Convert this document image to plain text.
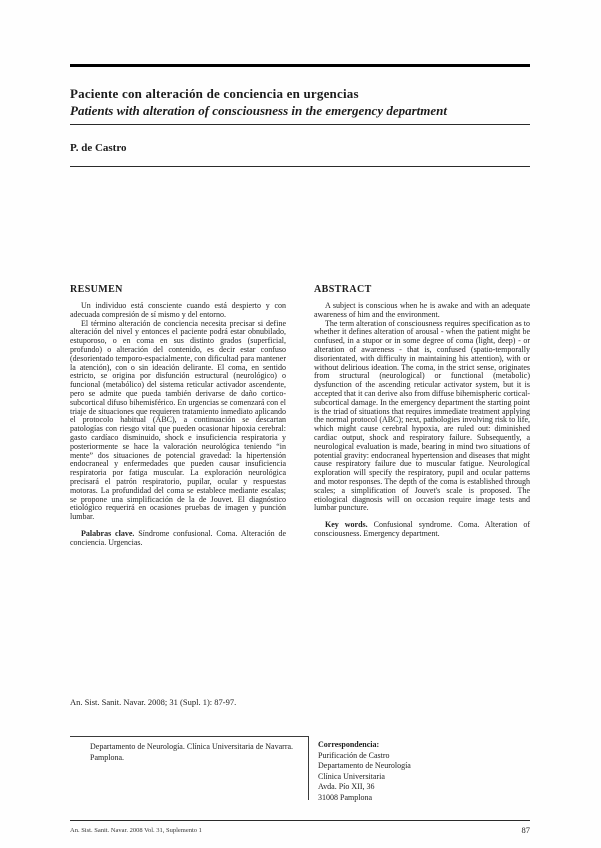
Paciente con alteración de conciencia en urgencias
Patients with alteration of consciousness in the emergency department
P. de Castro
RESUMEN

Un individuo está consciente cuando está despierto y con adecuada compresión de sí mismo y del entorno.

El término alteración de conciencia necesita precisar si define alteración del nivel y entonces el paciente podrá estar obnubilado, estuporoso, o en coma en sus distinto grados (superficial, profundo) o alteración del contenido, es decir estar confuso (desorientado temporo-espacialmente, con dificultad para mantener la atención), con o sin ideación delirante. El coma, en sentido estricto, se origina por disfunción estructural (neurológico) o funcional (metabólico) del sistema reticular activador ascendente, pero se admite que pueda también derivarse de daño cortico-subcortical difuso bihemisférico. En urgencias se comenzará con el triaje de situaciones que requieren tratamiento inmediato aplicando el protocolo habitual (ABC), a continuación se descartan patologías con riesgo vital que pueden ocasionar hipoxia cerebral: gasto cardíaco disminuido, shock e insuficiencia respiratoria y posteriormente se hace la valoración neurológica teniendo “in mente” dos situaciones de potencial gravedad: la hipertensión endocraneal y enfermedades que pueden causar insuficiencia respiratoria por fatiga muscular. La exploración neurológica precisará el patrón respiratorio, pupilar, ocular y respuestas motoras. La profundidad del coma se establece mediante escalas; se propone una simplificación de la de Jouvet. El diagnóstico etiológico requerirá en ocasiones pruebas de imagen y punción lumbar.

Palabras clave. Síndrome confusional. Coma. Alteración de conciencia. Urgencias.

ABSTRACT

A subject is conscious when he is awake and with an adequate awareness of him and the environment.

The term alteration of consciousness requires specification as to whether it defines alteration of arousal - when the patient might be confused, in a stupor or in some degree of coma (light, deep) - or alteration of awareness - that is, confused (spatio-temporally disorientated, with difficulty in maintaining his attention), with or without delirious ideation. The coma, in the strict sense, originates from structural (neurological) or functional (metabolic) dysfunction of the ascending reticular activator system, but it is accepted that it can derive also from diffuse bihemispheric cortical-subcortical damage. In the emergency department the starting point is the triad of situations that requires immediate treatment applying the normal protocol (ABC); next, pathologies involving risk to life, which might cause cerebral hypoxia, are ruled out: diminished cardiac output, shock and respiratory failure. Subsequently, a neurological evaluation is made, bearing in mind two situations of potential gravity: endocraneal hypertension and diseases that might cause respiratory failure due to muscular fatigue. Neurological exploration will specify the respiratory, pupil and ocular patterns and motor responses. The depth of the coma is established through scales; a simplification of Jouvet's scale is proposed. The etiological diagnosis will on occasion require image tests and lumbar puncture.

Key words. Confusional syndrome. Coma. Alteration of consciousness. Emergency department.

An. Sist. Sanit. Navar. 2008; 31 (Supl. 1): 87-97.
Departamento de Neurología. Clínica Universitaria de Navarra. Pamplona.
Correspondencia:
Purificación de Castro
Departamento de Neurología
Clínica Universitaria
Avda. Pío XII, 36
31008 Pamplona
An. Sist. Sanit. Navar. 2008 Vol. 31, Suplemento 1	87
